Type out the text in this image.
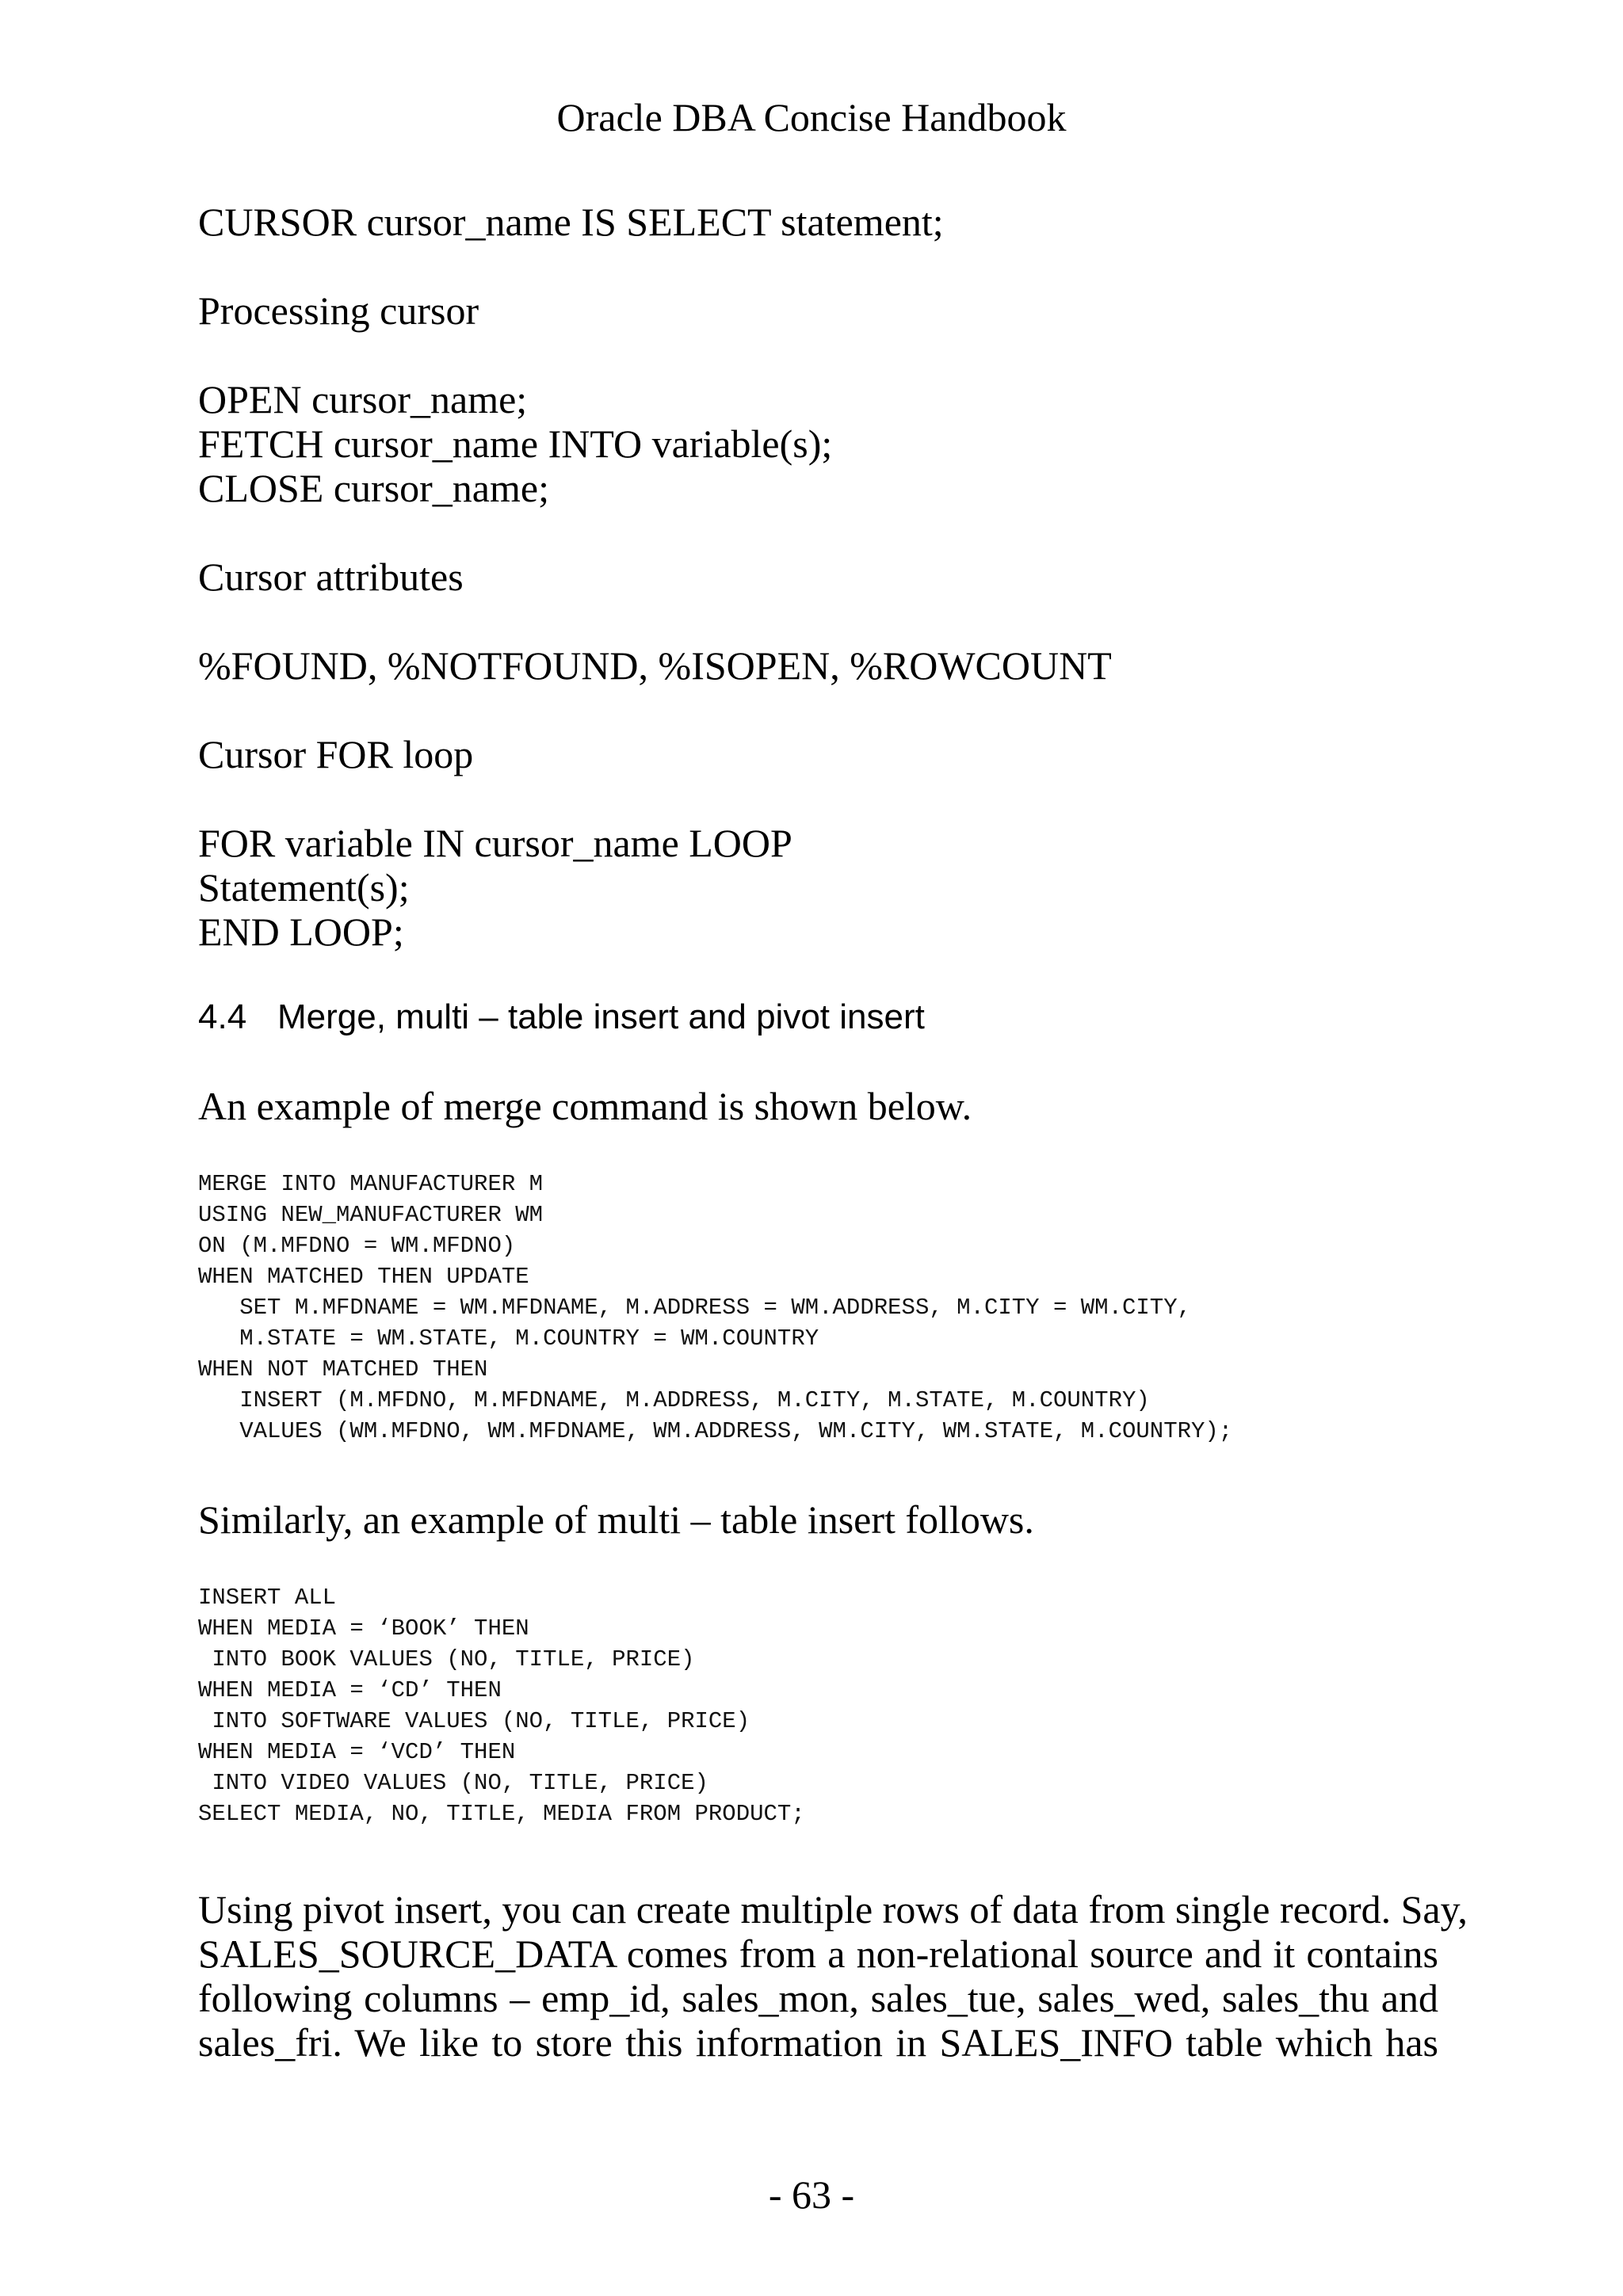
Oracle DBA Concise Handbook
CURSOR cursor_name IS SELECT statement;
Processing cursor
OPEN cursor_name;
FETCH cursor_name INTO variable(s);
CLOSE cursor_name;
Cursor attributes
%FOUND, %NOTFOUND, %ISOPEN, %ROWCOUNT
Cursor FOR loop
FOR variable IN cursor_name LOOP
Statement(s);
END LOOP;
4.4 Merge, multi – table insert and pivot insert
An example of merge command is shown below.
MERGE INTO MANUFACTURER M
USING NEW_MANUFACTURER WM
ON (M.MFDNO = WM.MFDNO)
WHEN MATCHED THEN UPDATE
SET M.MFDNAME = WM.MFDNAME, M.ADDRESS = WM.ADDRESS, M.CITY = WM.CITY,
M.STATE = WM.STATE, M.COUNTRY = WM.COUNTRY
WHEN NOT MATCHED THEN
INSERT (M.MFDNO, M.MFDNAME, M.ADDRESS, M.CITY, M.STATE, M.COUNTRY)
VALUES (WM.MFDNO, WM.MFDNAME, WM.ADDRESS, WM.CITY, WM.STATE, M.COUNTRY);
Similarly, an example of multi – table insert follows.
INSERT ALL
WHEN MEDIA = ‘BOOK’ THEN
INTO BOOK VALUES (NO, TITLE, PRICE)
WHEN MEDIA = ‘CD’ THEN
INTO SOFTWARE VALUES (NO, TITLE, PRICE)
WHEN MEDIA = ‘VCD’ THEN
INTO VIDEO VALUES (NO, TITLE, PRICE)
SELECT MEDIA, NO, TITLE, MEDIA FROM PRODUCT;
Using pivot insert, you can create multiple rows of data from single record. Say,
SALES_SOURCE_DATA comes from a non-relational source and it contains
following columns – emp_id, sales_mon, sales_tue, sales_wed, sales_thu and
sales_fri. We like to store this information in SALES_INFO table which has
- 63 -
